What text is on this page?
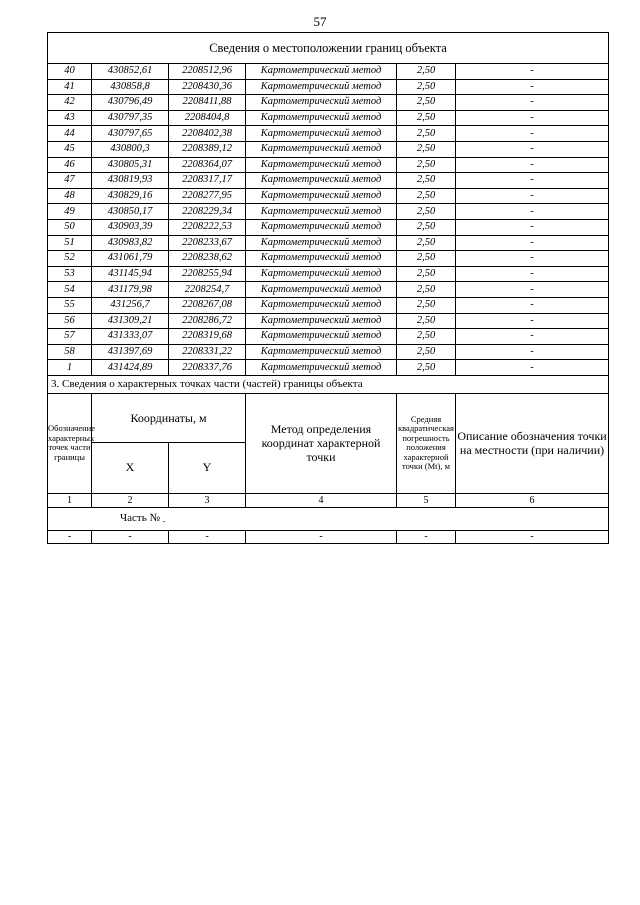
57
Сведения о местоположении границ объекта					
40	430852,61	2208512,96	Картометрический метод	2,50	-
41	430858,8	2208430,36	Картометрический метод	2,50	-
42	430796,49	2208411,88	Картометрический метод	2,50	-
43	430797,35	2208404,8	Картометрический метод	2,50	-
44	430797,65	2208402,38	Картометрический метод	2,50	-
45	430800,3	2208389,12	Картометрический метод	2,50	-
46	430805,31	2208364,07	Картометрический метод	2,50	-
47	430819,93	2208317,17	Картометрический метод	2,50	-
48	430829,16	2208277,95	Картометрический метод	2,50	-
49	430850,17	2208229,34	Картометрический метод	2,50	-
50	430903,39	2208222,53	Картометрический метод	2,50	-
51	430983,82	2208233,67	Картометрический метод	2,50	-
52	431061,79	2208238,62	Картометрический метод	2,50	-
53	431145,94	2208255,94	Картометрический метод	2,50	-
54	431179,98	2208254,7	Картометрический метод	2,50	-
55	431256,7	2208267,08	Картометрический метод	2,50	-
56	431309,21	2208286,72	Картометрический метод	2,50	-
57	431333,07	2208319,68	Картометрический метод	2,50	-
58	431397,69	2208331,22	Картометрический метод	2,50	-
1	431424,89	2208337,76	Картометрический метод	2,50	-
3. Сведения о характерных точках части (частей) границы объекта					
Обозначение характерных точек части границы	Координаты, м		Метод определения координат характерной точки	Средняя квадратическая погрешность положения характерной точки (Mt), м	Описание обозначения точки на местности (при наличии)
	X	Y			
1	2	3	4	5	6
Часть № $_-$
-	-	-	-	-	-
